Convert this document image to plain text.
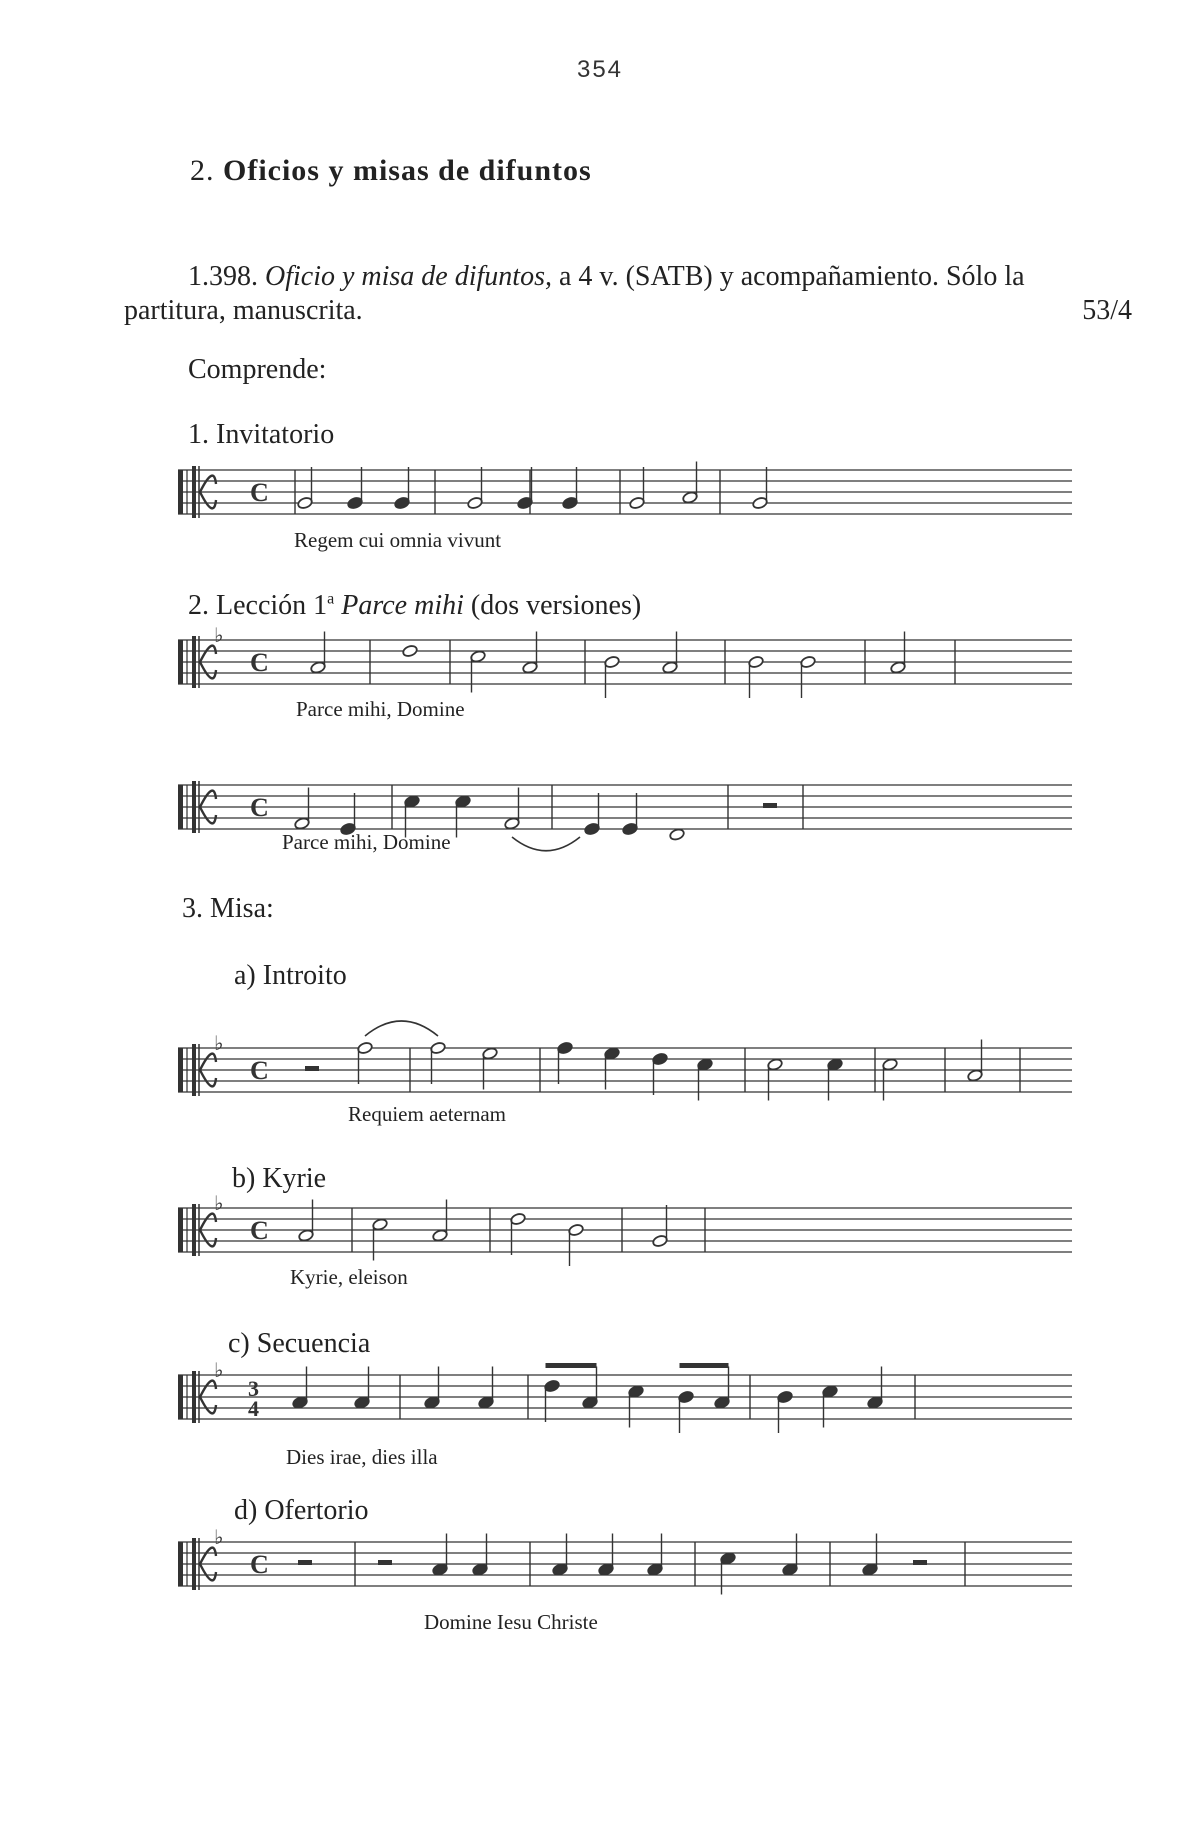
354
2. Oficios y misas de difuntos
1.398. Oficio y misa de difuntos, a 4 v. (SATB) y acompañamiento. Sólo la
partitura, manuscrita.	53/4
Comprende:
1. Invitatorio
C
Regem cui omnia vivunt
2. Lección 1$^a$ Parce mihi (dos versiones)
♭
C
Parce mihi, Domine
C
Parce mihi, Domine
3. Misa:
a) Introito
♭
C
Requiem aeternam
b) Kyrie
♭
C
Kyrie, eleison
c) Secuencia
♭
3
4
Dies irae, dies illa
d) Ofertorio
♭
C
Domine Iesu Christe
